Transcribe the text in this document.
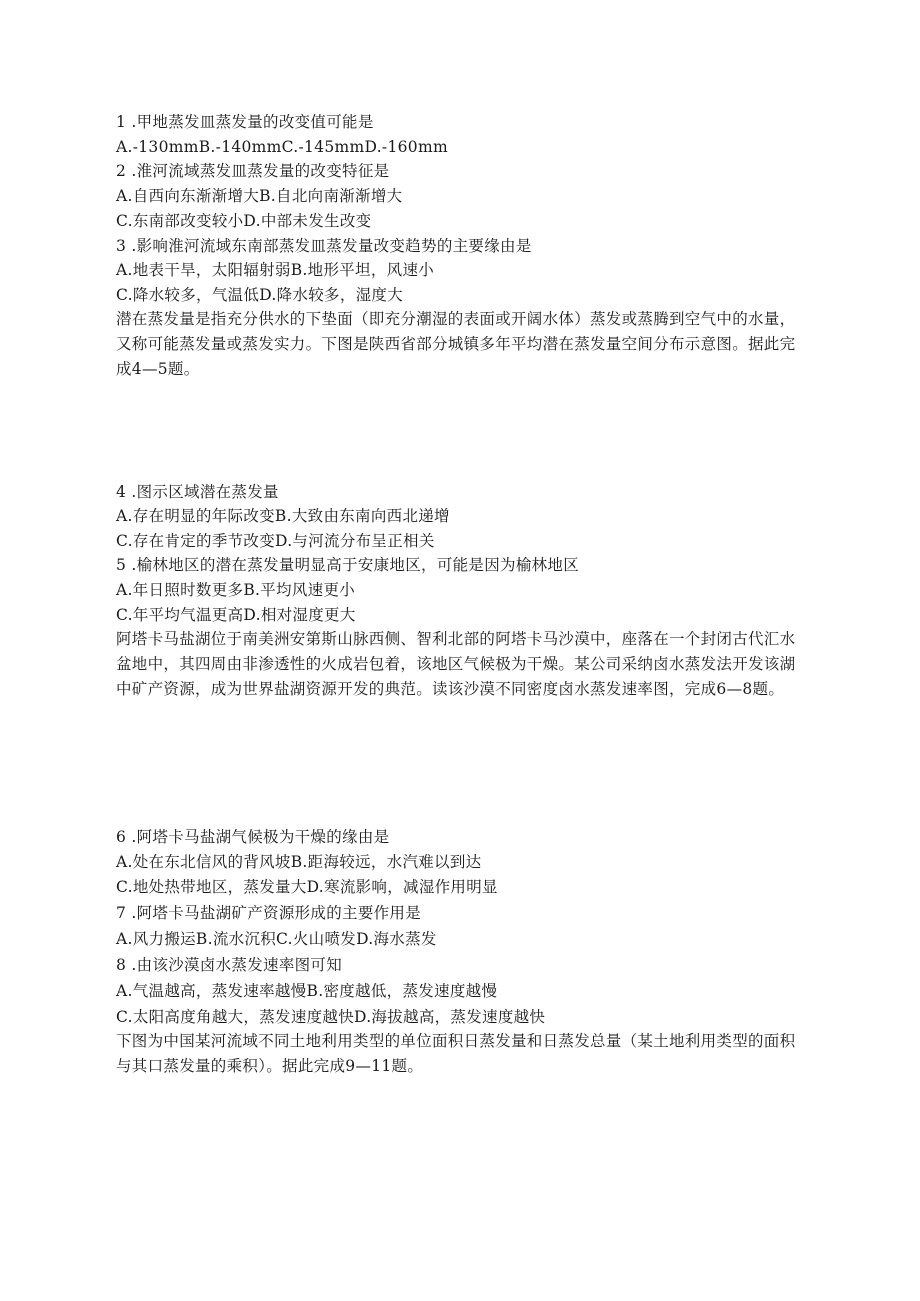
1 .甲地蒸发皿蒸发量的改变值可能是
A.-130mmB.-140mmC.-145mmD.-160mm
2 .淮河流域蒸发皿蒸发量的改变特征是
A.自西向东渐渐增大B.自北向南渐渐增大
C.东南部改变较小D.中部未发生改变
3 .影响淮河流域东南部蒸发皿蒸发量改变趋势的主要缘由是
A.地表干旱，太阳辐射弱B.地形平坦，风速小
C.降水较多，气温低D.降水较多，湿度大
潜在蒸发量是指充分供水的下垫面（即充分潮湿的表面或开阔水体）蒸发或蒸腾到空气中的水量，又称可能蒸发量或蒸发实力。下图是陕西省部分城镇多年平均潜在蒸发量空间分布示意图。据此完成4—5题。
4 .图示区域潜在蒸发量
A.存在明显的年际改变B.大致由东南向西北递增
C.存在肯定的季节改变D.与河流分布呈正相关
5 .榆林地区的潜在蒸发量明显高于安康地区，可能是因为榆林地区
A.年日照时数更多B.平均风速更小
C.年平均气温更高D.相对湿度更大
阿塔卡马盐湖位于南美洲安第斯山脉西侧、智利北部的阿塔卡马沙漠中，座落在一个封闭古代汇水盆地中，其四周由非渗透性的火成岩包着，该地区气候极为干燥。某公司采纳卤水蒸发法开发该湖中矿产资源，成为世界盐湖资源开发的典范。读该沙漠不同密度卤水蒸发速率图，完成6—8题。
6 .阿塔卡马盐湖气候极为干燥的缘由是
A.处在东北信风的背风坡B.距海较远，水汽难以到达
C.地处热带地区，蒸发量大D.寒流影响，减湿作用明显
7 .阿塔卡马盐湖矿产资源形成的主要作用是
A.风力搬运B.流水沉积C.火山喷发D.海水蒸发
8 .由该沙漠卤水蒸发速率图可知
A.气温越高，蒸发速率越慢B.密度越低，蒸发速度越慢
C.太阳高度角越大，蒸发速度越快D.海拔越高，蒸发速度越快
下图为中国某河流域不同土地利用类型的单位面积日蒸发量和日蒸发总量（某土地利用类型的面积与其口蒸发量的乘积）。据此完成9—11题。
